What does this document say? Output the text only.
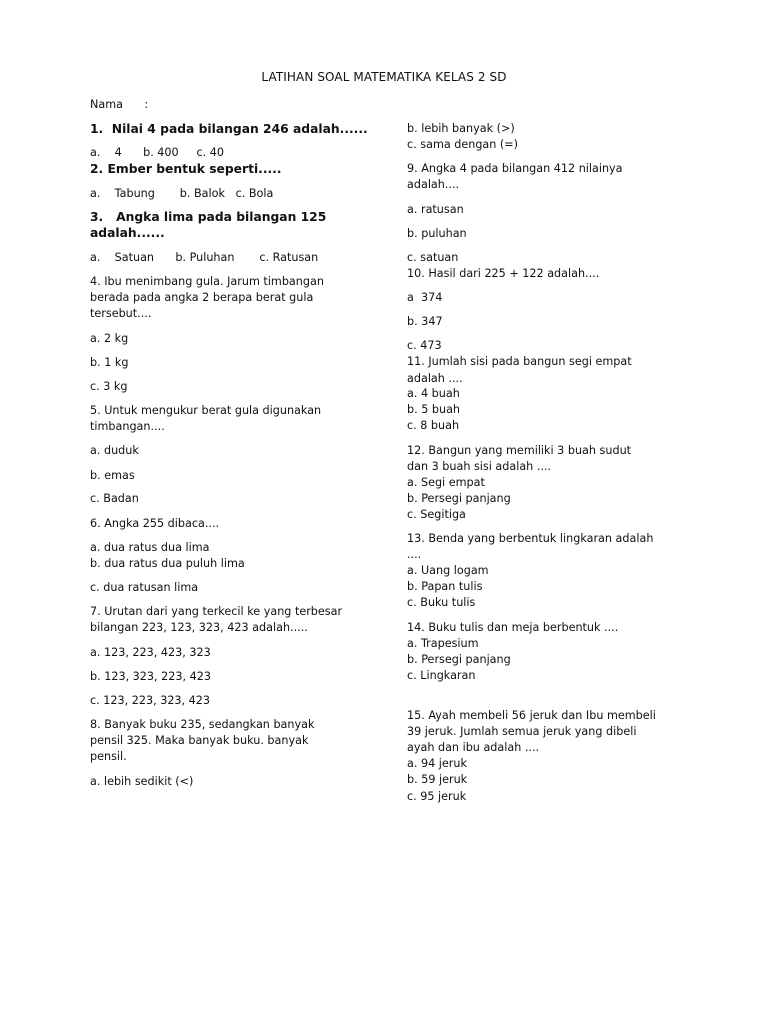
LATIHAN SOAL MATEMATIKA KELAS 2 SD
Nama      :
1.  Nilai 4 pada bilangan 246 adalah......
a.    4      b. 400     c. 40
2. Ember bentuk seperti.....
a.    Tabung       b. Balok   c. Bola
3.   Angka lima pada bilangan 125
adalah......
a.    Satuan      b. Puluhan       c. Ratusan
4. Ibu menimbang gula. Jarum timbangan
berada pada angka 2 berapa berat gula
tersebut....
a. 2 kg
b. 1 kg
c. 3 kg
5. Untuk mengukur berat gula digunakan
timbangan....
a. duduk
b. emas
c. Badan
6. Angka 255 dibaca....
a. dua ratus dua lima
b. dua ratus dua puluh lima
c. dua ratusan lima
7. Urutan dari yang terkecil ke yang terbesar
bilangan 223, 123, 323, 423 adalah.....
a. 123, 223, 423, 323
b. 123, 323, 223, 423
c. 123, 223, 323, 423
8. Banyak buku 235, sedangkan banyak
pensil 325. Maka banyak buku. banyak
pensil.
a. lebih sedikit (<)
b. lebih banyak (>)
c. sama dengan (=)
9. Angka 4 pada bilangan 412 nilainya
adalah....
a. ratusan
b. puluhan
c. satuan
10. Hasil dari 225 + 122 adalah....
a  374
b. 347
c. 473
11. Jumlah sisi pada bangun segi empat
adalah ....
a. 4 buah
b. 5 buah
c. 8 buah
12. Bangun yang memiliki 3 buah sudut
dan 3 buah sisi adalah ....
a. Segi empat
b. Persegi panjang
c. Segitiga
13. Benda yang berbentuk lingkaran adalah
....
a. Uang logam
b. Papan tulis
c. Buku tulis
14. Buku tulis dan meja berbentuk ....
a. Trapesium
b. Persegi panjang
c. Lingkaran
15. Ayah membeli 56 jeruk dan Ibu membeli
39 jeruk. Jumlah semua jeruk yang dibeli
ayah dan ibu adalah ....
a. 94 jeruk
b. 59 jeruk
c. 95 jeruk
